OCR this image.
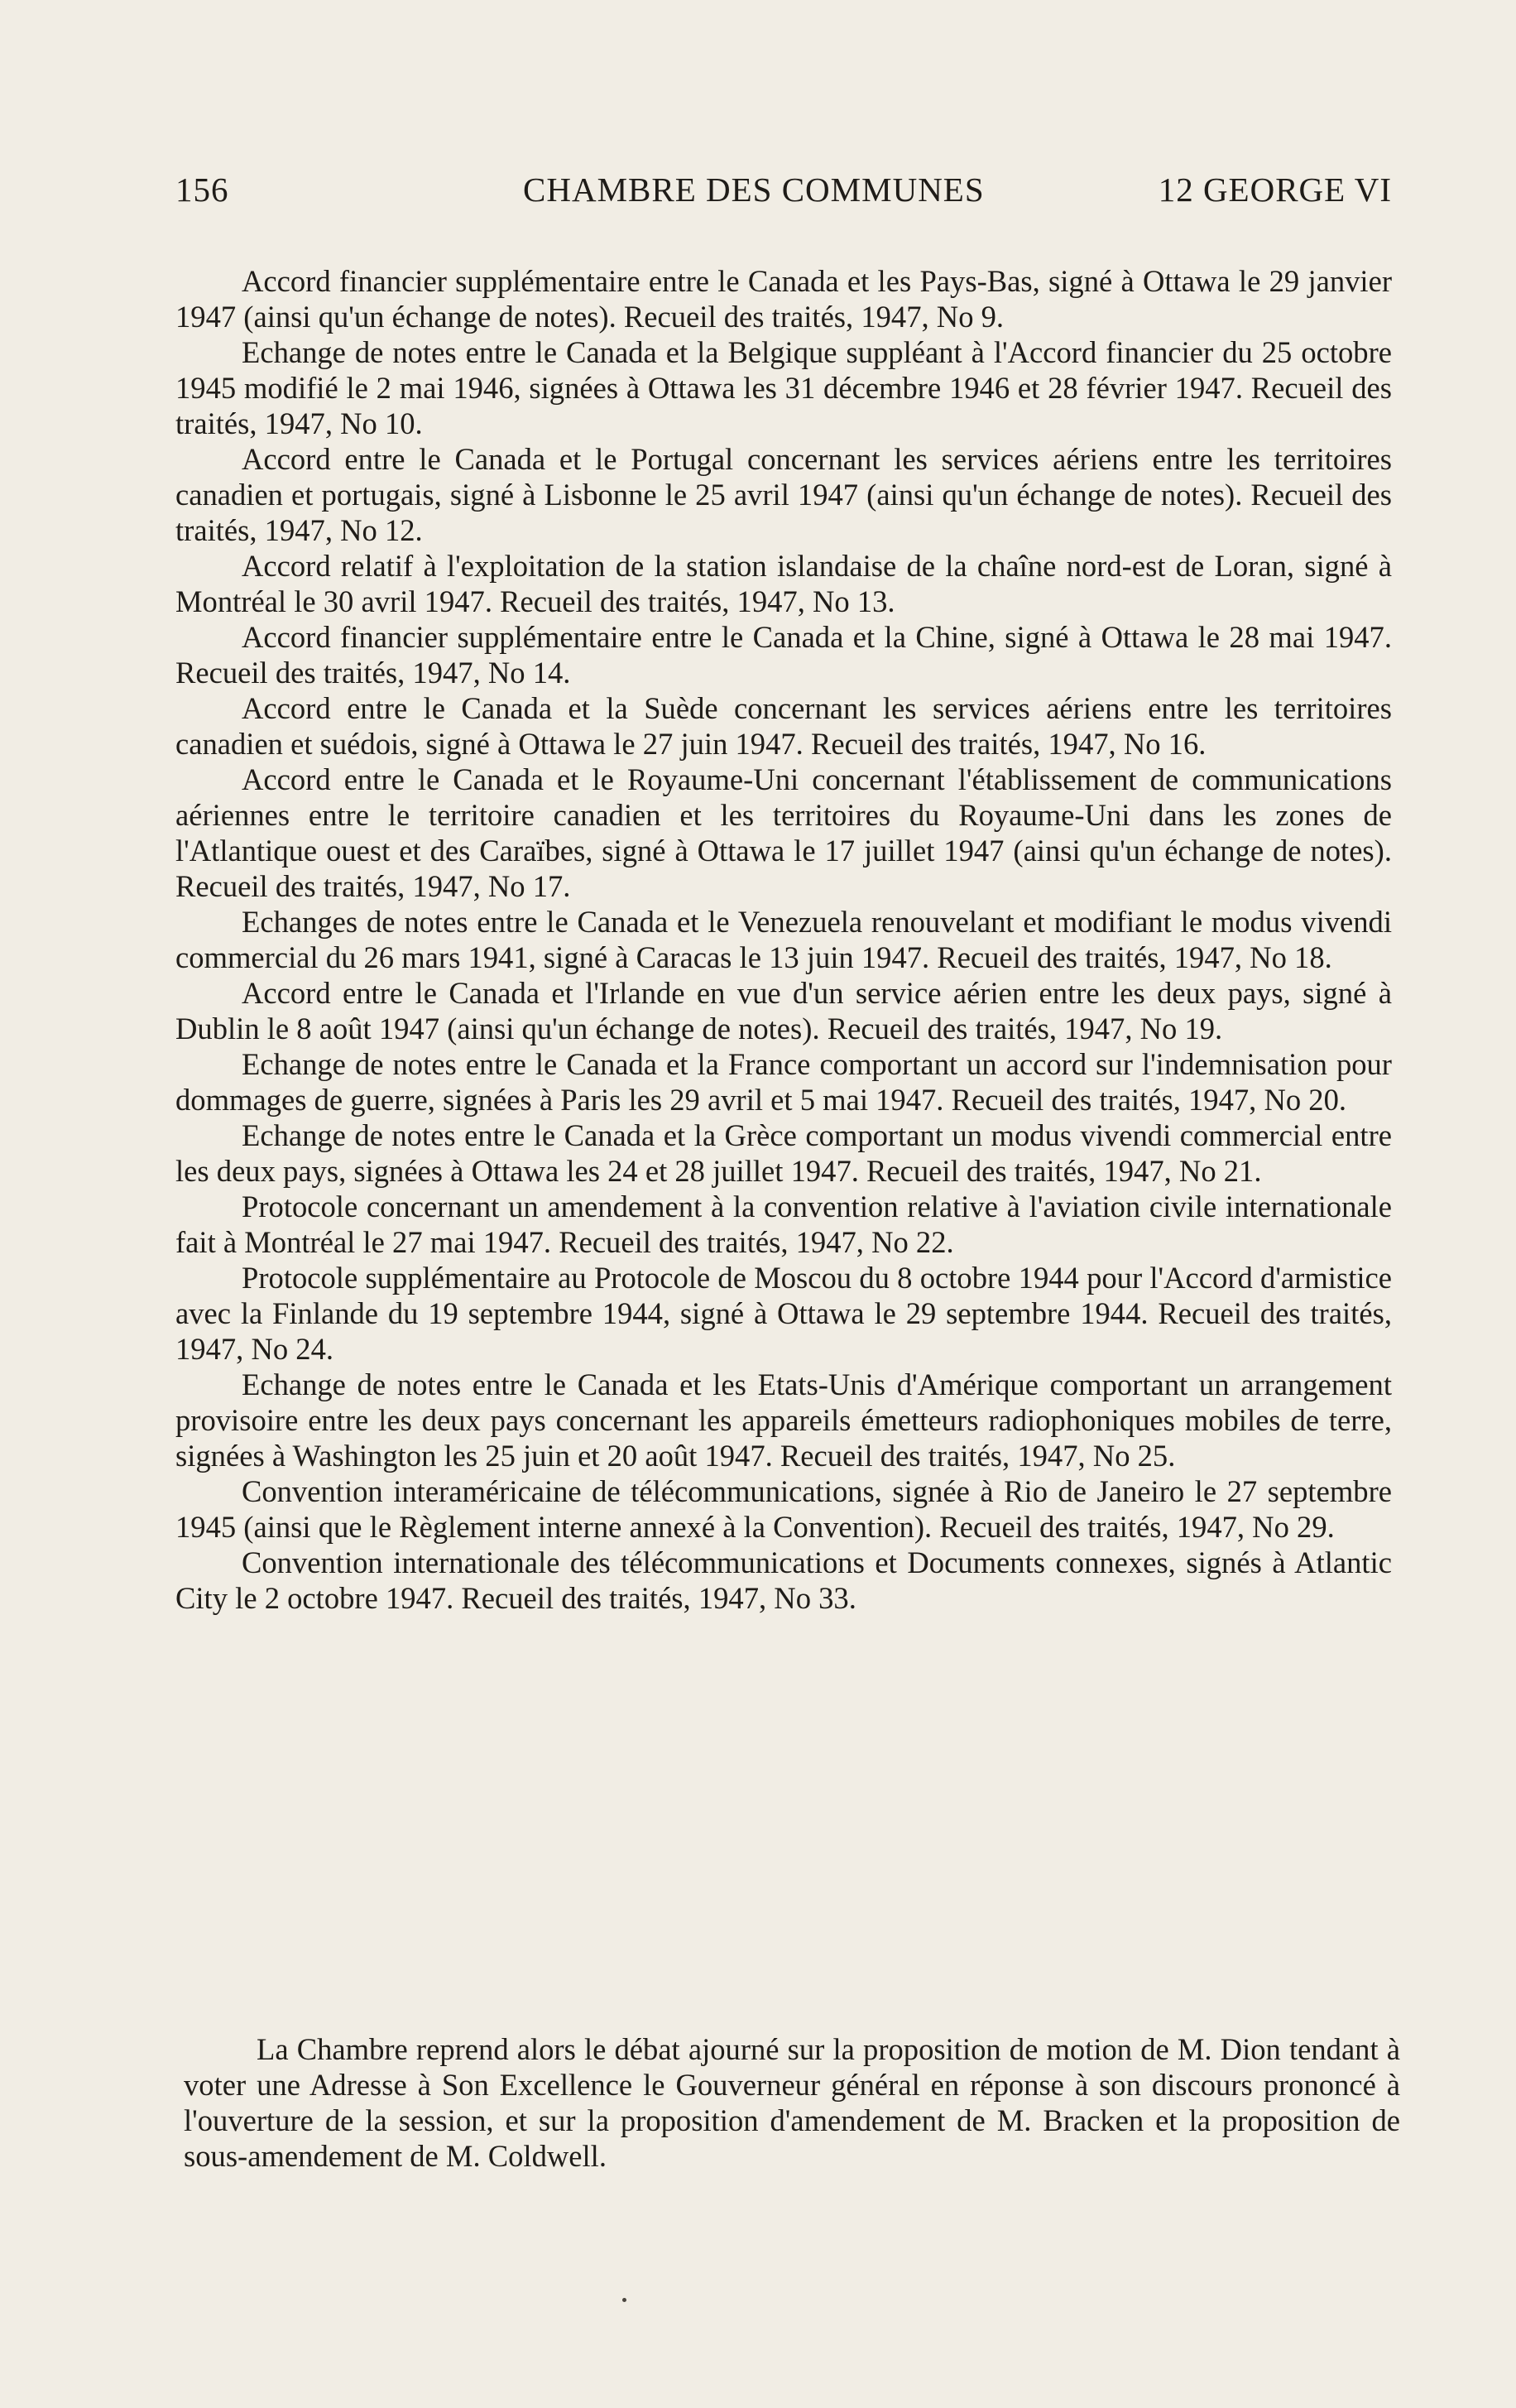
156	CHAMBRE DES COMMUNES	12 GEORGE VI

Accord financier supplémentaire entre le Canada et les Pays-Bas, signé à Ottawa le 29 janvier 1947 (ainsi qu'un échange de notes). Recueil des traités, 1947, No 9.

Echange de notes entre le Canada et la Belgique suppléant à l'Accord financier du 25 octobre 1945 modifié le 2 mai 1946, signées à Ottawa les 31 décembre 1946 et 28 février 1947. Recueil des traités, 1947, No 10.

Accord entre le Canada et le Portugal concernant les services aériens entre les territoires canadien et portugais, signé à Lisbonne le 25 avril 1947 (ainsi qu'un échange de notes). Recueil des traités, 1947, No 12.

Accord relatif à l'exploitation de la station islandaise de la chaîne nord-est de Loran, signé à Montréal le 30 avril 1947. Recueil des traités, 1947, No 13.

Accord financier supplémentaire entre le Canada et la Chine, signé à Ottawa le 28 mai 1947. Recueil des traités, 1947, No 14.

Accord entre le Canada et la Suède concernant les services aériens entre les territoires canadien et suédois, signé à Ottawa le 27 juin 1947. Recueil des traités, 1947, No 16.

Accord entre le Canada et le Royaume-Uni concernant l'établissement de communications aériennes entre le territoire canadien et les territoires du Royaume-Uni dans les zones de l'Atlantique ouest et des Caraïbes, signé à Ottawa le 17 juillet 1947 (ainsi qu'un échange de notes). Recueil des traités, 1947, No 17.

Echanges de notes entre le Canada et le Venezuela renouvelant et modifiant le modus vivendi commercial du 26 mars 1941, signé à Caracas le 13 juin 1947. Recueil des traités, 1947, No 18.

Accord entre le Canada et l'Irlande en vue d'un service aérien entre les deux pays, signé à Dublin le 8 août 1947 (ainsi qu'un échange de notes). Recueil des traités, 1947, No 19.

Echange de notes entre le Canada et la France comportant un accord sur l'indemnisation pour dommages de guerre, signées à Paris les 29 avril et 5 mai 1947. Recueil des traités, 1947, No 20.

Echange de notes entre le Canada et la Grèce comportant un modus vivendi commercial entre les deux pays, signées à Ottawa les 24 et 28 juillet 1947. Recueil des traités, 1947, No 21.

Protocole concernant un amendement à la convention relative à l'aviation civile internationale fait à Montréal le 27 mai 1947. Recueil des traités, 1947, No 22.

Protocole supplémentaire au Protocole de Moscou du 8 octobre 1944 pour l'Accord d'armistice avec la Finlande du 19 septembre 1944, signé à Ottawa le 29 septembre 1944. Recueil des traités, 1947, No 24.

Echange de notes entre le Canada et les Etats-Unis d'Amérique comportant un arrangement provisoire entre les deux pays concernant les appareils émetteurs radiophoniques mobiles de terre, signées à Washington les 25 juin et 20 août 1947. Recueil des traités, 1947, No 25.

Convention interaméricaine de télécommunications, signée à Rio de Janeiro le 27 septembre 1945 (ainsi que le Règlement interne annexé à la Convention). Recueil des traités, 1947, No 29.

Convention internationale des télécommunications et Documents connexes, signés à Atlantic City le 2 octobre 1947. Recueil des traités, 1947, No 33.

La Chambre reprend alors le débat ajourné sur la proposition de motion de M. Dion tendant à voter une Adresse à Son Excellence le Gouverneur général en réponse à son discours prononcé à l'ouverture de la session, et sur la proposition d'amendement de M. Bracken et la proposition de sous-amendement de M. Coldwell.
